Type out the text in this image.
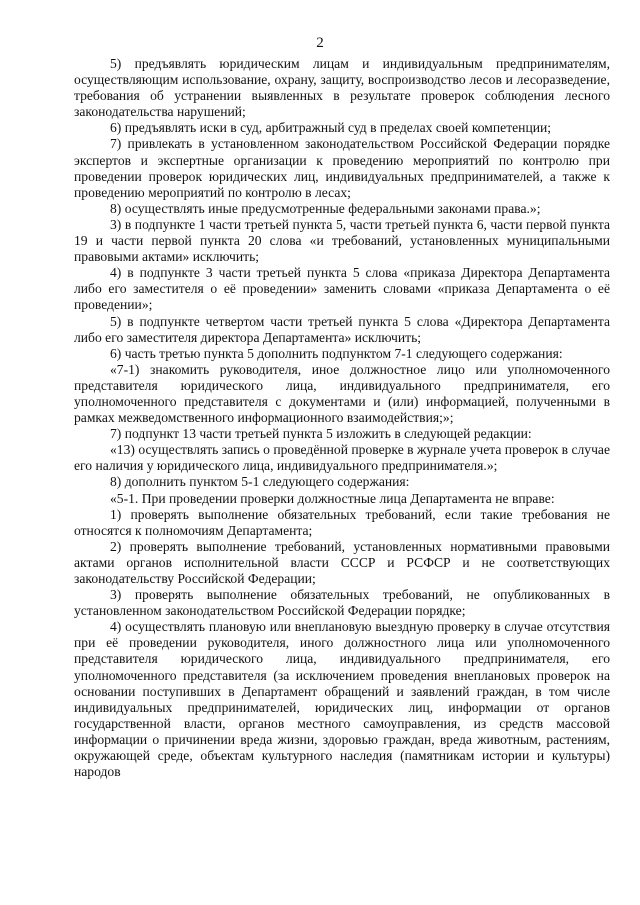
2

5) предъявлять юридическим лицам и индивидуальным предпринимателям, осуществляющим использование, охрану, защиту, воспроизводство лесов и лесоразведение, требования об устранении выявленных в результате проверок соблюдения лесного законодательства нарушений;

6) предъявлять иски в суд, арбитражный суд в пределах своей компетенции;

7) привлекать в установленном законодательством Российской Федерации порядке экспертов и экспертные организации к проведению мероприятий по контролю при проведении проверок юридических лиц, индивидуальных предпринимателей, а также к проведению мероприятий по контролю в лесах;

8) осуществлять иные предусмотренные федеральными законами права.»;

3) в подпункте 1 части третьей пункта 5, части третьей пункта 6, части первой пункта 19 и части первой пункта 20 слова «и требований, установленных муниципальными правовыми актами» исключить;

4) в подпункте 3 части третьей пункта 5 слова «приказа Директора Департамента либо его заместителя о её проведении» заменить словами «приказа Департамента о её проведении»;

5) в подпункте четвертом части третьей пункта 5 слова «Директора Департамента либо его заместителя директора Департамента» исключить;

6) часть третью пункта 5 дополнить подпунктом 7-1 следующего содержания:

«7-1) знакомить руководителя, иное должностное лицо или уполномоченного представителя юридического лица, индивидуального предпринимателя, его уполномоченного представителя с документами и (или) информацией, полученными в рамках межведомственного информационного взаимодействия;»;

7) подпункт 13 части третьей пункта 5 изложить в следующей редакции:

«13) осуществлять запись о проведённой проверке в журнале учета проверок в случае его наличия у юридического лица, индивидуального предпринимателя.»;

8) дополнить пунктом 5-1 следующего содержания:

«5-1. При проведении проверки должностные лица Департамента не вправе:

1) проверять выполнение обязательных требований, если такие требования не относятся к полномочиям Департамента;

2) проверять выполнение требований, установленных нормативными правовыми актами органов исполнительной власти СССР и РСФСР и не соответствующих законодательству Российской Федерации;

3) проверять выполнение обязательных требований, не опубликованных в установленном законодательством Российской Федерации порядке;

4) осуществлять плановую или внеплановую выездную проверку в случае отсутствия при её проведении руководителя, иного должностного лица или уполномоченного представителя юридического лица, индивидуального предпринимателя, его уполномоченного представителя (за исключением проведения внеплановых проверок на основании поступивших в Департамент обращений и заявлений граждан, в том числе индивидуальных предпринимателей, юридических лиц, информации от органов государственной власти, органов местного самоуправления, из средств массовой информации о причинении вреда жизни, здоровью граждан, вреда животным, растениям, окружающей среде, объектам культурного наследия (памятникам истории и культуры) народов
